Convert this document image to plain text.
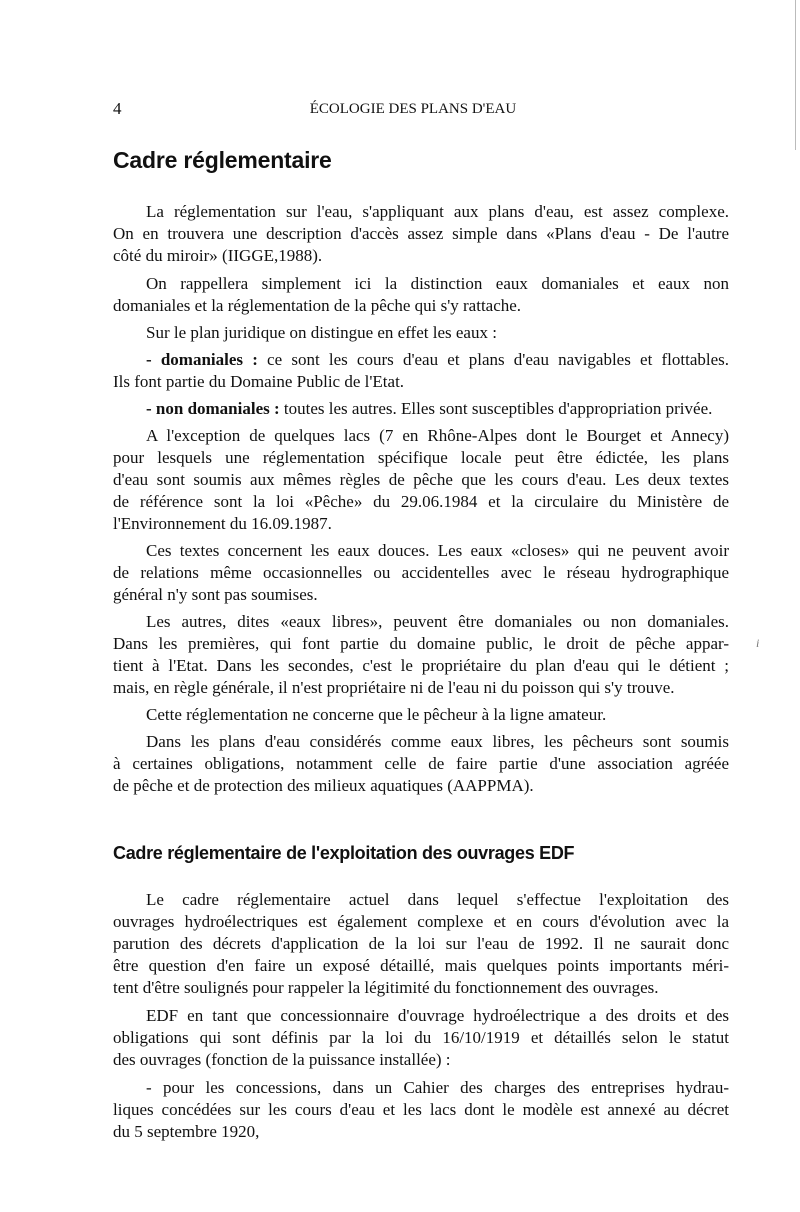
4	ÉCOLOGIE DES PLANS D'EAU
Cadre réglementaire
Cadre réglementaire de l'exploitation des ouvrages EDF
i
La réglementation sur l'eau, s'appliquant aux plans d'eau, est assez complexe.
On en trouvera une description d'accès assez simple dans «Plans d'eau - De l'autre
côté du miroir» (IIGGE,1988).
On rappellera simplement ici la distinction eaux domaniales et eaux non
domaniales et la réglementation de la pêche qui s'y rattache.
Sur le plan juridique on distingue en effet les eaux :
- domaniales : ce sont les cours d'eau et plans d'eau navigables et flottables.
Ils font partie du Domaine Public de l'Etat.
- non domaniales : toutes les autres. Elles sont susceptibles d'appropriation privée.
A l'exception de quelques lacs (7 en Rhône-Alpes dont le Bourget et Annecy)
pour lesquels une réglementation spécifique locale peut être édictée, les plans
d'eau sont soumis aux mêmes règles de pêche que les cours d'eau. Les deux textes
de référence sont la loi «Pêche» du 29.06.1984 et la circulaire du Ministère de
l'Environnement du 16.09.1987.
Ces textes concernent les eaux douces. Les eaux «closes» qui ne peuvent avoir
de relations même occasionnelles ou accidentelles avec le réseau hydrographique
général n'y sont pas soumises.
Les autres, dites «eaux libres», peuvent être domaniales ou non domaniales.
Dans les premières, qui font partie du domaine public, le droit de pêche appar-
tient à l'Etat. Dans les secondes, c'est le propriétaire du plan d'eau qui le détient ;
mais, en règle générale, il n'est propriétaire ni de l'eau ni du poisson qui s'y trouve.
Cette réglementation ne concerne que le pêcheur à la ligne amateur.
Dans les plans d'eau considérés comme eaux libres, les pêcheurs sont soumis
à certaines obligations, notamment celle de faire partie d'une association agréée
de pêche et de protection des milieux aquatiques (AAPPMA).
Le cadre réglementaire actuel dans lequel s'effectue l'exploitation des
ouvrages hydroélectriques est également complexe et en cours d'évolution avec la
parution des décrets d'application de la loi sur l'eau de 1992. Il ne saurait donc
être question d'en faire un exposé détaillé, mais quelques points importants méri-
tent d'être soulignés pour rappeler la légitimité du fonctionnement des ouvrages.
EDF en tant que concessionnaire d'ouvrage hydroélectrique a des droits et des
obligations qui sont définis par la loi du 16/10/1919 et détaillés selon le statut
des ouvrages (fonction de la puissance installée) :
- pour les concessions, dans un Cahier des charges des entreprises hydrau-
liques concédées sur les cours d'eau et les lacs dont le modèle est annexé au décret
du 5 septembre 1920,
